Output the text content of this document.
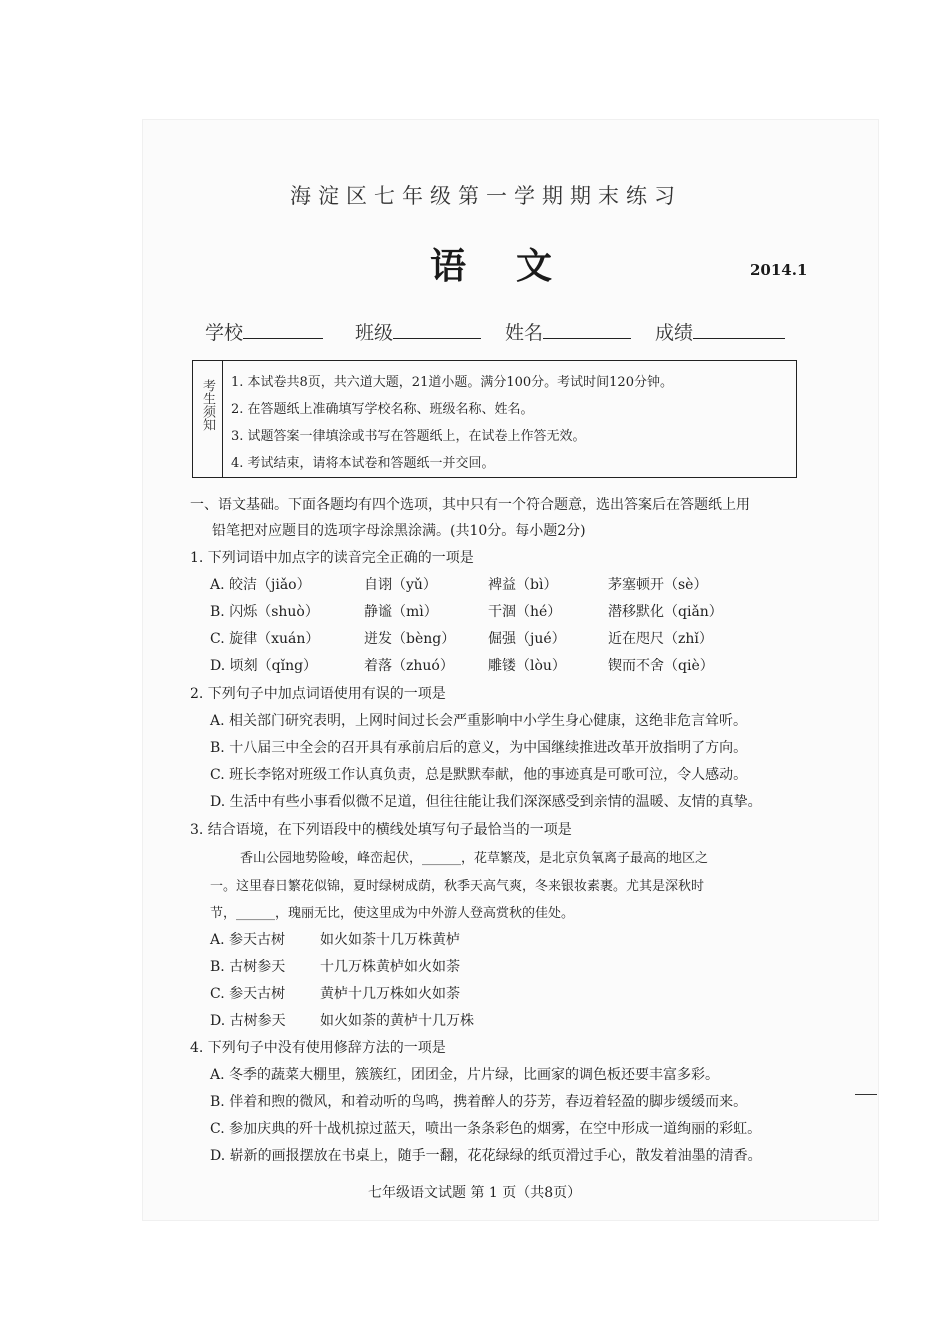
海淀区七年级第一学期期末练习
语文	2014.1
学校	班级	姓名	成绩
考生须知 1. 本试卷共8页，共六道大题，21道小题。满分100分。考试时间120分钟。
2. 在答题纸上准确填写学校名称、班级名称、姓名。
3. 试题答案一律填涂或书写在答题纸上，在试卷上作答无效。
4. 考试结束，请将本试卷和答题纸一并交回。
一、语文基础。下面各题均有四个选项，其中只有一个符合题意，选出答案后在答题纸上用
铅笔把对应题目的选项字母涂黑涂满。(共10分。每小题2分)
1. 下列词语中加点字的读音完全正确的一项是
A. 皎洁（jiǎo）	自诩（yǔ）	裨益（bì）	茅塞顿开（sè）
B. 闪烁（shuò）	静谧（mì）	干涸（hé）	潜移默化（qiǎn）
C. 旋律（xuán）	迸发（bèng） 倔强（jué）	近在咫尺（zhǐ）
D. 顷刻（qǐng）	着落（zhuó） 雕镂（lòu）	锲而不舍（qiè）
2. 下列句子中加点词语使用有误的一项是
A. 相关部门研究表明，上网时间过长会严重影响中小学生身心健康，这绝非危言耸听。
B. 十八届三中全会的召开具有承前启后的意义，为中国继续推进改革开放指明了方向。
C. 班长李铭对班级工作认真负责，总是默默奉献，他的事迹真是可歌可泣，令人感动。
D. 生活中有些小事看似微不足道，但往往能让我们深深感受到亲情的温暖、友情的真挚。
3. 结合语境，在下列语段中的横线处填写句子最恰当的一项是
香山公园地势险峻，峰峦起伏，______，花草繁茂，是北京负氧离子最高的地区之
一。这里春日繁花似锦，夏时绿树成荫，秋季天高气爽，冬来银妆素裹。尤其是深秋时
节，______，瑰丽无比，使这里成为中外游人登高赏秋的佳处。
A. 参天古树 如火如荼十几万株黄栌
B. 古树参天 十几万株黄栌如火如荼
C. 参天古树 黄栌十几万株如火如荼
D. 古树参天 如火如荼的黄栌十几万株
4. 下列句子中没有使用修辞方法的一项是
A. 冬季的蔬菜大棚里，簇簇红，团团金，片片绿，比画家的调色板还要丰富多彩。
B. 伴着和煦的微风，和着动听的鸟鸣，携着醉人的芬芳，春迈着轻盈的脚步缓缓而来。
C. 参加庆典的歼十战机掠过蓝天，喷出一条条彩色的烟雾，在空中形成一道绚丽的彩虹。
D. 崭新的画报摆放在书桌上，随手一翻，花花绿绿的纸页滑过手心，散发着油墨的清香。
七年级语文试题 第 1 页（共8页）
